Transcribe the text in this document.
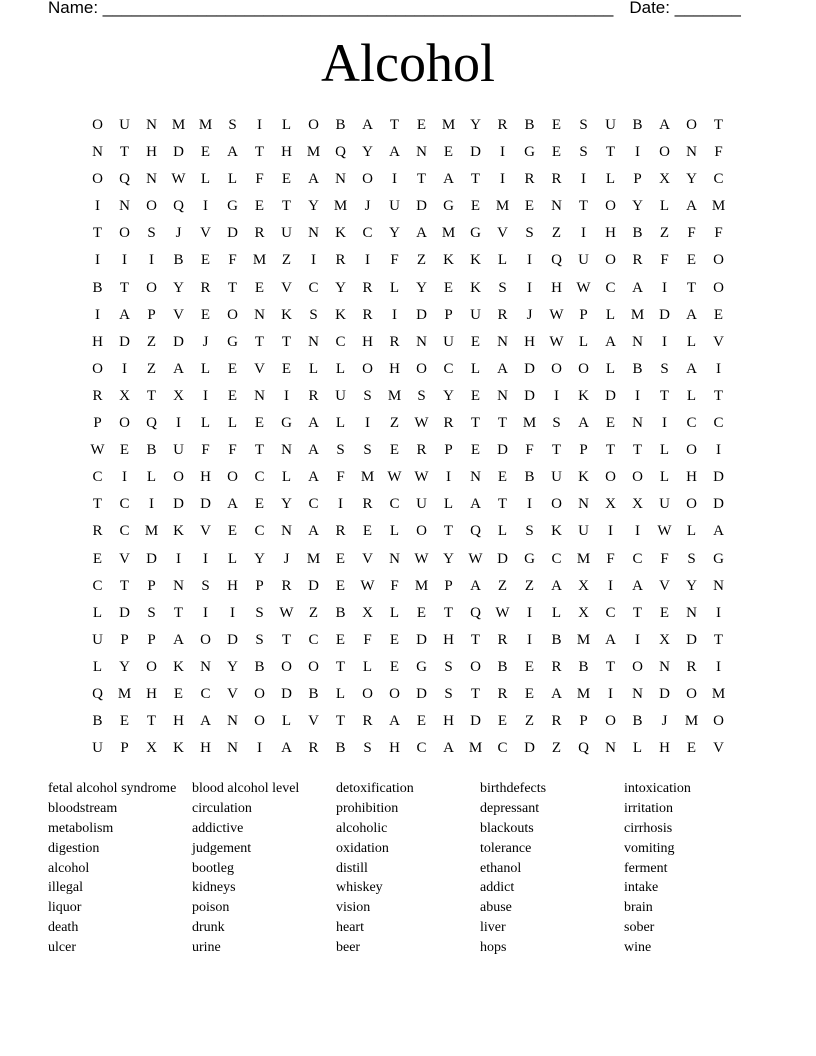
Name: ______________________________________________________ Date: _______
Alcohol
O	U	N M M	S	I	L	O	B	A	T	E	M Y	R	B	E	S	U	B	A	O	T
N	T	H	D	E	A	T	H M Q	Y	A	N	E	D	I	G	E	S	T	I	O	N	F
O	Q	N W	L	L	F	E	A	N	O	I	T	A	T	I	R	R	I	L	P	X	Y	C
I	N	O	Q	I	G	E	T	Y M	J	U	D	G	E	M	E	N	T	O	Y	L	A M
T	O	S	J	V	D	R	U	N	K	C	Y	A M G	V	S	Z	I	H	B	Z	F	F
I	I	I	B	E	F	M	Z	I	R	I	F	Z	K	K	L	I	Q	U	O	R	F	E	O
B	T	O	Y	R	T	E	V	C	Y	R	L	Y	E	K	S	I	H W C	A	I	T	O
I	A	P	V	E	O	N	K	S	K	R	I	D	P	U	R	J	W	P	L	M D	A	E
H	D	Z	D	J	G	T	T	N	C	H	R	N	U	E	N	H W	L	A	N	I	L	V
O	I	Z	A	L	E	V	E	L	L	O	H	O	C	L	A	D	O	O	L	B	S	A	I
R	X	T	X	I	E	N	I	R	U	S	M	S	Y	E	N	D	I	K	D	I	T	L	T
P	O	Q	I	L	L	E	G	A	L	I	Z	W R	T	T	M	S	A	E	N	I	C	C
W	E	B	U	F	F	T	N	A	S	S	E	R	P	E	D	F	T	P	T	T	L	O	I
C	I	L	O	H	O	C	L	A	F	M W W	I	N	E	B	U	K	O	O	L	H	D
T	C	I	D	D	A	E	Y	C	I	R	C	U	L	A	T	I	O	N	X	X	U	O	D
R	C	M K	V	E	C	N	A	R	E	L	O	T	Q	L	S	K	U	I	I	W	L	A
E	V	D	I	I	L	Y	J	M	E	V	N W Y W D	G	C	M	F	C	F	S	G
C	T	P	N	S	H	P	R	D	E	W	F	M	P	A	Z	Z	A	X	I	A	V	Y	N
L	D	S	T	I	I	S	W	Z	B	X	L	E	T	Q W	I	L	X	C	T	E	N	I
U	P	P	A	O	D	S	T	C	E	F	E	D	H	T	R	I	B	M A	I	X	D	T
L	Y	O	K	N	Y	B	O	O	T	L	E	G	S	O	B	E	R	B	T	O	N	R	I
Q M H	E	C	V	O	D	B	L	O	O	D	S	T	R	E	A M	I	N	D	O M
B	E	T	H	A	N	O	L	V	T	R	A	E	H	D	E	Z	R	P	O	B	J	M O
U	P	X	K	H	N	I	A	R	B	S	H	C	A M	C	D	Z	Q	N	L	H	E	V
fetal alcohol syndrome	blood alcohol level	detoxification	birthdefects	intoxication
bloodstream	circulation	prohibition	depressant	irritation
metabolism	addictive	alcoholic	blackouts	cirrhosis
digestion	judgement	oxidation	tolerance	vomiting
alcohol	bootleg	distill	ethanol	ferment
illegal	kidneys	whiskey	addict	intake
liquor	poison	vision	abuse	brain
death	drunk	heart	liver	sober
ulcer	urine	beer	hops	wine
